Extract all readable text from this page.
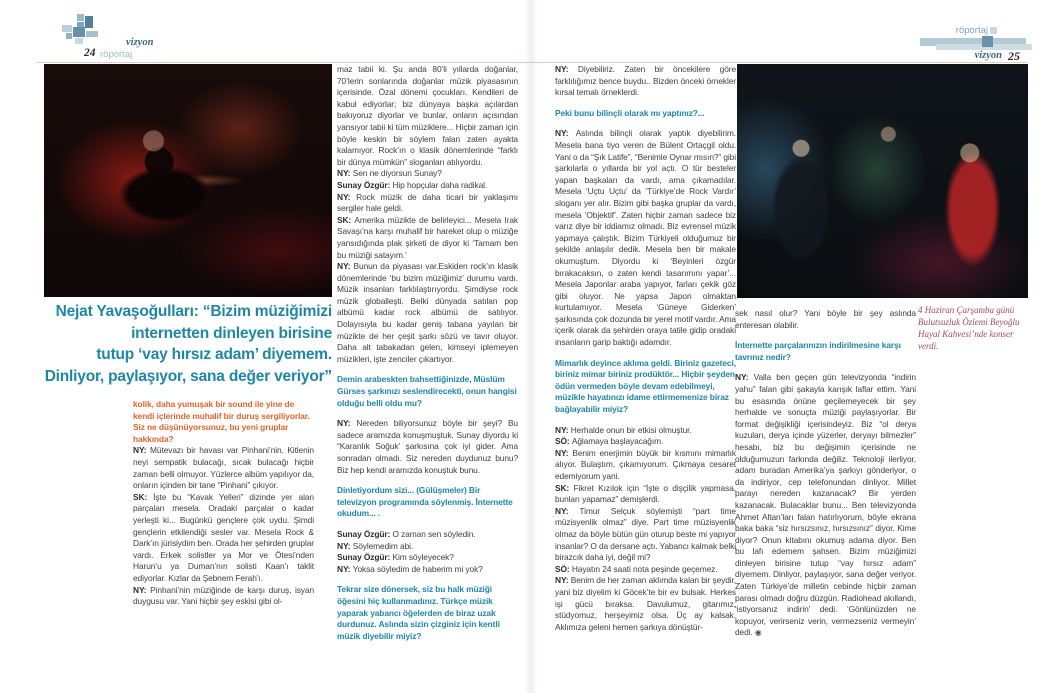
vizyon
24 röportaj
röportaj
vizyon 25
Nejat Yavaşoğulları: “Bizim müziğimizi
internetten dinleyen birisine
tutup ‘vay hırsız adam’ diyemem.
Dinliyor, paylaşıyor, sana değer veriyor”

kolik, daha yumuşak bir sound ile yine de kendi içlerinde muhalif bir duruş sergiliyorlar. Siz ne düşünüyorsunuz, bu yeni gruplar hakkında?

NY: Mütevazı bir havası var Pinhani’nin. Kitlenin neyi sempatik bulacağı, sıcak bulacağı hiçbir zaman belli olmuyor. Yüzlerce albüm yapılıyor da, onların içinden bir tane “Pinhani” çıkıyor.

SK: İşte bu “Kavak Yelleri” dizinde yer alan parçaları mesela. Oradaki parçalar o kadar yerleşti ki... Bugünkü gençlere çok uydu. Şimdi gençlerin etkilendiği sesler var. Mesela Rock & Dark’ın jürisiydim ben. Orada her şehirden gruplar vardı. Erkek solistler ya Mor ve Ötesi’nden Harun’u ya Duman’nın solisti Kaan’ı taklit ediyorlar. Kızlar da Şebnem Ferah’ı.

NY: Pinhani’nin müziğinde de karşı duruş, isyan duygusu var. Yani hiçbir şey eskisi gibi ol-

maz tabii ki. Şu anda 80’li yıllarda doğanlar, 70’lerin sonlarında doğanlar müzik piyasasının içerisinde. Özal dönemi çocukları. Kendileri de kabul ediyorlar; biz dünyaya başka açılardan bakıyoruz diyorlar ve bunlar, onların açısından yansıyor tabii ki tüm müziklere... Hiçbir zaman için böyle keskin bir söylem falan zaten ayakta kalamıyor. Rock’ın o klasik dönemlerinde “farklı bir dünya mümkün” sloganları atılıyordu.

NY: Sen ne diyorsun Sunay?

Sunay Özgür: Hip hopçular daha radikal.

NY: Rock müzik de daha ticari bir yaklaşımı sergiler hale geldi.

SK: Amerika müzikte de belirleyici... Mesela Irak Savaşı’na karşı muhalif bir hareket olup o müziğe yansıdığında plak şirketi de diyor ki ‘Tamam ben bu müziği satayım.’

NY: Bunun da piyasası var.Eskiden rock’ın klasik dönemlerinde ‘bu bizim müziğimiz’ durumu vardı. Müzik insanları farklılaştırıyordu. Şimdiyse rock müzik globalleşti. Belki dünyada satılan pop albümü kadar rock albümü de satılıyor. Dolayısıyla bu kadar geniş tabana yayılan bir müzikte de her çeşit şarkı sözü ve tavır oluyor. Daha alt tabakadan gelen, kimseyi iplemeyen müzikleri, işte zenciler çıkartıyor.

Demin arabeskten bahsettiğinizde, Müslüm Gürses şarkınızı seslendirecekti, onun hangisi olduğu belli oldu mu?

NY: Nereden biliyorsunuz böyle bir şeyi? Bu sadece aramızda konuşmuştuk. Sunay diyordu ki “Karanlık Soğuk’ şarkısına çok iyi gider. Ama sonradan olmadı. Siz nereden duydunuz bunu? Biz hep kendi aramızda konuştuk bunu.

Dinletiyordum sizi... (Gülüşmeler) Bir televizyon programında söylenmiş. İnternette okudum... .

Sunay Özgür: O zaman sen söyledin.

NY: Söylemedim abi.

Sunay Özgür: Kim söyleyecek?

NY: Yoksa söyledim de haberim mi yok?

Tekrar size dönersek, siz bu halk müziği öğesini hiç kullanmadınız. Türkçe müzik yaparak yabancı öğelerden de biraz uzak durdunuz. Aslında sizin çizginiz için kentli müzik diyebilir miyiz?

NY: Diyebiliriz. Zaten bir öncekilere göre farklılığımız bence buydu.. Bizden önceki örnekler kırsal temalı örneklerdi.

Peki bunu bilinçli olarak mı yaptınız?...

NY: Aslında bilinçli olarak yaptık diyebilirim. Mesela bana tiyo veren de Bülent Ortaçgil oldu. Yani o da “Şık Latife”, “Benimle Oynar mısın?” gibi şarkılarla o yıllarda bir yol açtı. O tür besteler yapan başkaları da vardı, ama çıkamadılar. Mesela ‘Uçtu Uçtu’ da ‘Türkiye’de Rock Vardır’ sloganı yer alır. Bizim gibi başka gruplar da vardı, mesela ‘Objektif’. Zaten hiçbir zaman sadece biz varız diye bir iddiamız olmadı. Biz evrensel müzik yapmaya çalıştık. Bizim Türkiyeli olduğumuz bir şekilde anlaşılır dedik. Mesela ben bir makale okumuştum. Diyordu ki ‘Beyinleri özgür bırakacaksın, o zaten kendi tasarımını yapar’... Mesela Japonlar araba yapıyor, farları çekik göz gibi oluyor. Ne yapsa Japon olmaktan kurtulamıyor. Mesela ‘Güneye Giderken’ şarkısında çok dozunda bir yerel motif vardır. Ama içerik olarak da şehirden oraya tatile gidip oradaki insanların garip baktığı adamdır.

Mimarlık deyince aklıma geldi. Biriniz gazeteci, biriniz mimar biriniz prodüktör... Hiçbir şeyden ödün vermeden böyle devam edebilmeyi, müzikle hayatınızı idame ettirmemenize biraz bağlayabilir miyiz?

NY: Herhalde onun bir etkisi olmuştur.

SÖ: Ağlamaya başlayacağım.

NY: Benim enerjimin büyük bir kısmını mimarlık alıyor. Bulaştım, çıkamıyorum. Çıkmaya cesaret edemiyorum yani.

SK: Fikret Kızılok için “İşte o dişçilik yapmasa, bunları yapamaz” demişlerdi.

NY: Timur Selçuk söylemişti “part time müzisyenlik olmaz” diye. Part time müzisyenlik olmaz da böyle bütün gün oturup beste mi yapıyor insanlar? O da dersane açtı. Yabancı kalmak belki birazcık daha iyi, değil mi?

SÖ: Hayatın 24 saati nota peşinde geçemez.

NY: Benim de her zaman aklımda kalan bir şeydir, yani biz diyelim ki Göcek’te bir ev bulsak. Herkes işi gücü bıraksa. Davulumuz, gitarımız, stüdyomuz, herşeyimiz olsa. Üç ay kalsak. Aklımıza geleni hemen şarkıya dönüştür-

sek nasıl olur? Yani böyle bir şey aslında enteresan olabilir.

İnternette parçalarınızın indirilmesine karşı tavrınız nedir?

NY: Valla ben geçen gün televizyonda “indirin yahu” falan gibi şakayla karışık laflar ettim. Yani bu esasında önüne geçilemeyecek bir şey herhalde ve sonuçta müziği paylaşıyorlar. Bir format değişikliği içerisindeyiz. Biz “ol derya kuzuları, derya içinde yüzerler, deryayı bilmezler” hesabı, biz bu değişimin içerisinde ne olduğumuzun farkında değiliz. Teknoloji ilerliyor, adam buradan Amerika’ya şarkıyı gönderiyor, o da indiriyor, cep telefonundan dinliyor. Millet parayı nereden kazanacak? Bir yerden kazanacak. Bulacaklar bunu... Ben televizyonda Ahmet Altan’ları falan hatırlıyorum, böyle ekrana baka baka “siz hırsızsınız, hırsızsınız” diyor. Kime diyor? Onun kitabını okumuş adama diyor. Ben bu lafı edemem şahsen. Bizim müziğimizi dinleyen birisine tutup “vay hırsız adam” diyemem. Dinliyor, paylaşıyor, sana değer veriyor. Zaten Türkiye’de milletin cebinde hiçbir zaman parası olmadı doğru düzgün. Radiohead akıllandı, ‘istiyorsanız indirin’ dedi. ‘Gönlünüzden ne kopuyor, verirseniz verin, vermezseniz vermeyin’ dedi. ◉

4 Haziran Çarşamba günü Bulutsuzluk Özlemi Beyoğlu Hayal Kahvesi’nde konser verdi.
